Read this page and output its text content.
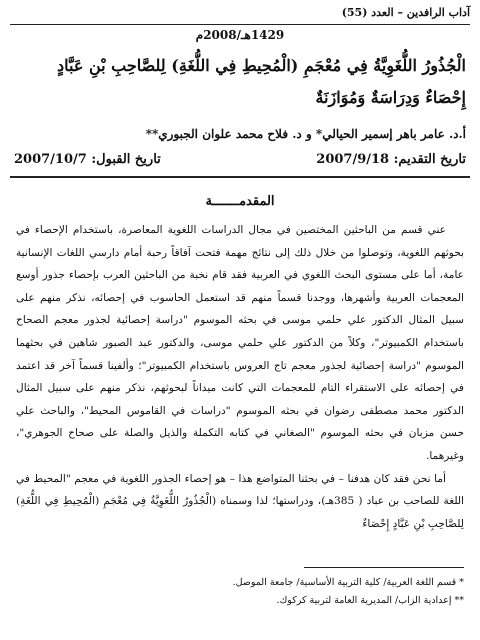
آداب الرافدين – العدد (55)
1429هـ/2008م
الْجُذُورُ اللُّغَوِيَّةُ فِي مُعْجَمِ (الْمُحِيطِ فِي اللُّغَةِ) لِلصَّاحِبِ بْنِ عَبَّادٍ إِحْصَاءٌ وَدِرَاسَةٌ وَمُوَازَنَةٌ
أ.د. عامر باهر إسمير الحيالي* و د. فلاح محمد علوان الجبوري**
تاريخ التقديم: 2007/9/18
تاريخ القبول: 2007/10/7
المقدمـــــــة

عني قسم من الباحثين المختصين في مجال الدراسات اللغوية المعاصرة، باستخدام الإحصاء في بحوثهم اللغوية، وتوصلوا من خلال ذلك إلى نتائج مهمة فتحت آفاقاً رحبة أمام دارسي اللغات الإنسانية عامة، أما على مستوى البحث اللغوي في العربية فقد قام نخبة من الباحثين العرب بإحصاء جذور أوسع المعجمات العربية وأشهرها، ووجدنا قسماً منهم قد استعمل الحاسوب في إحصائه، نذكر منهم على سبيل المثال الدكتور علي حلمي موسى في بحثه الموسوم "دراسة إحصائية لجذور معجم الصحاح باستخدام الكمبيوتر"، وكلاً من الدكتور علي حلمي موسى، والدكتور عبد الصبور شاهين في بحثهما الموسوم "دراسة إحصائية لجذور معجم تاج العروس باستخدام الكمبيوتر"؛ وألفينا قسماً آخر قد اعتمد في إحصائه على الاستقراء التام للمعجمات التي كانت ميداناً لبحوثهم، نذكر منهم على سبيل المثال الدكتور محمد مصطفى رضوان في بحثه الموسوم "دراسات في القاموس المحيط"، والباحث علي حسن مزبان في بحثه الموسوم "الصغاني في كتابه التكملة والذيل والصلة على صحاح الجوهري"، وغيرهما.

أما نحن فقد كان هدفنا – في بحثنا المتواضع هذا – هو إحصاء الجذور اللغوية في معجم "المحيط في اللغة للصاحب بن عباد ( 385هـ)، ودراستها؛ لذا وسمناه (الْجُذُورُ اللُّغَوِيَّةُ فِي مُعْجَمِ (الْمُحِيطِ فِي اللُّغَةِ) لِلصَّاحِبِ بْنِ عَبَّادٍ إِحْصَاءٌ

* قسم اللغة العربية/ كلية التربية الأساسية/ جامعة الموصل.
** إعدادية الزاب/ المديرية العامة لتربية كركوك.
